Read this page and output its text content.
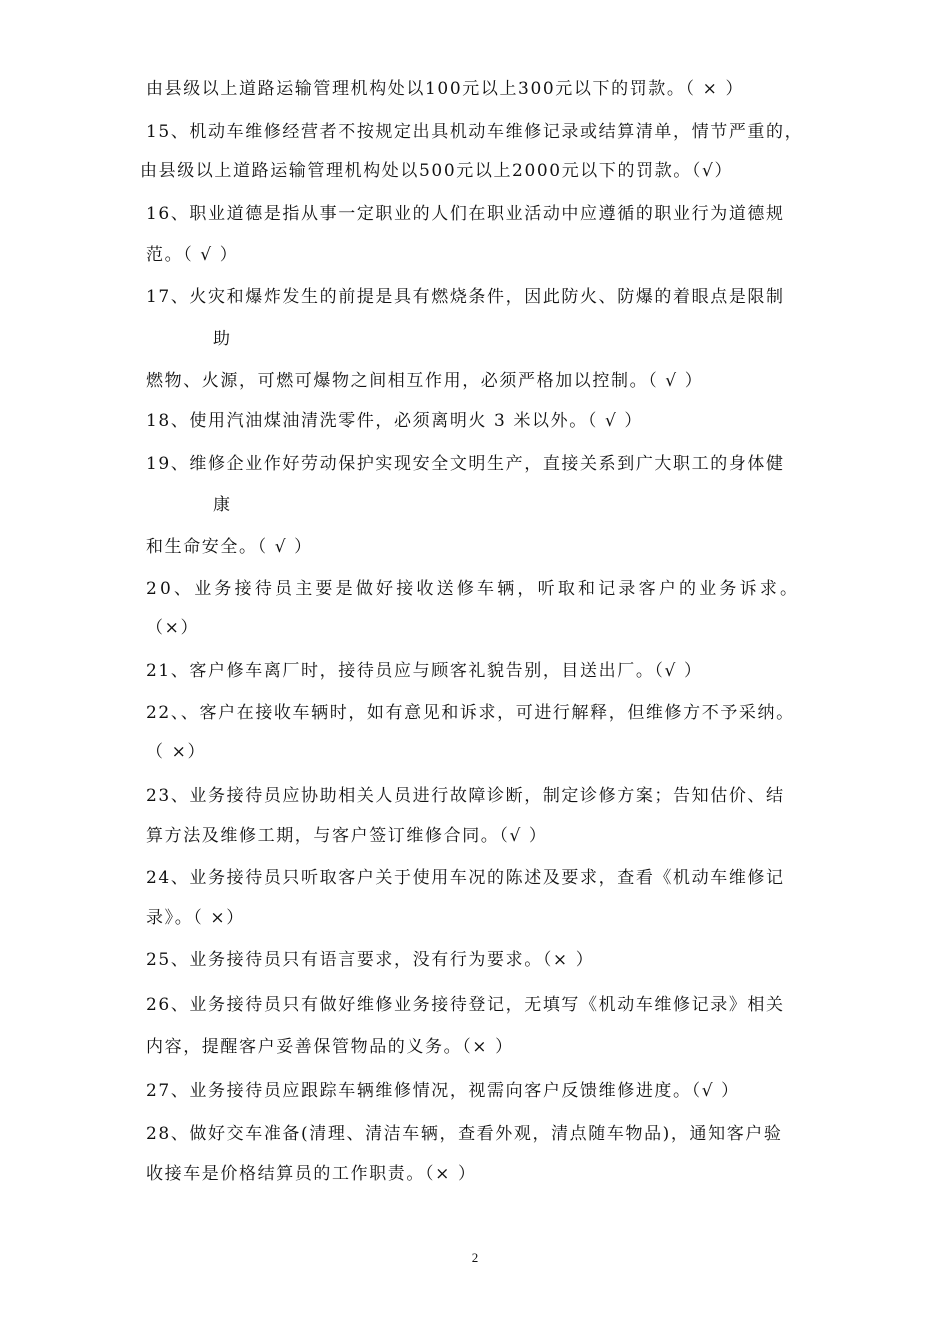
由县级以上道路运输管理机构处以100元以上300元以下的罚款。（ × ）
15、机动车维修经营者不按规定出具机动车维修记录或结算清单，情节严重的，
由县级以上道路运输管理机构处以500元以上2000元以下的罚款。（√）
16、职业道德是指从事一定职业的人们在职业活动中应遵循的职业行为道德规
范。（ √ ）
17、火灾和爆炸发生的前提是具有燃烧条件，因此防火、防爆的着眼点是限制
助
燃物、火源，可燃可爆物之间相互作用，必须严格加以控制。（ √ ）
18、使用汽油煤油清洗零件，必须离明火 3 米以外。（ √ ）
19、维修企业作好劳动保护实现安全文明生产，直接关系到广大职工的身体健
康
和生命安全。（ √ ）
20、业务接待员主要是做好接收送修车辆，听取和记录客户的业务诉求。
（×）
21、客户修车离厂时，接待员应与顾客礼貌告别，目送出厂。（√ ）
22、、客户在接收车辆时，如有意见和诉求，可进行解释，但维修方不予采纳。
（ ×）
23、业务接待员应协助相关人员进行故障诊断，制定诊修方案；告知估价、结
算方法及维修工期，与客户签订维修合同。（√ ）
24、业务接待员只听取客户关于使用车况的陈述及要求，查看《机动车维修记
录》。（ ×）
25、业务接待员只有语言要求，没有行为要求。（× ）
26、业务接待员只有做好维修业务接待登记，无填写《机动车维修记录》相关
内容，提醒客户妥善保管物品的义务。（× ）
27、业务接待员应跟踪车辆维修情况，视需向客户反馈维修进度。（√ ）
28、做好交车准备(清理、清洁车辆，查看外观，清点随车物品)，通知客户验
收接车是价格结算员的工作职责。（× ）
2
